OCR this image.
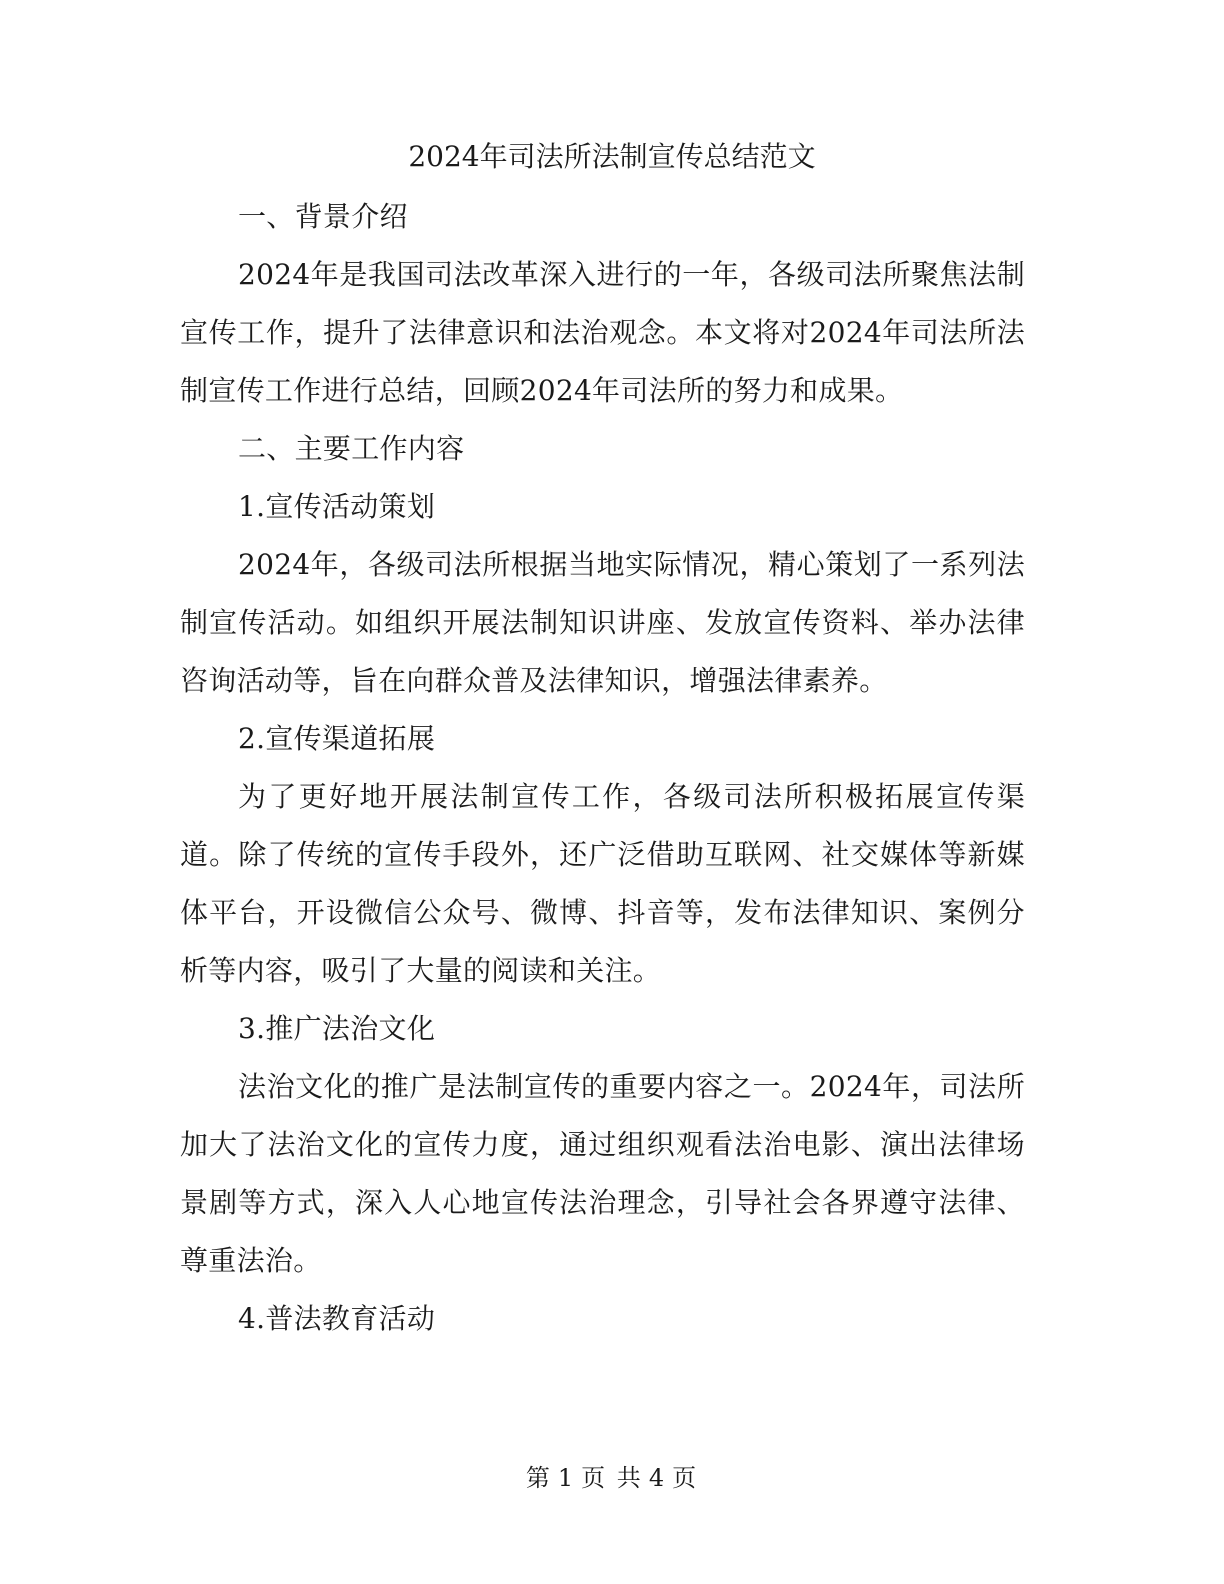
2024年司法所法制宣传总结范文

一、背景介绍

2024年是我国司法改革深入进行的一年，各级司法所聚焦法制宣传工作，提升了法律意识和法治观念。本文将对2024年司法所法制宣传工作进行总结，回顾2024年司法所的努力和成果。

二、主要工作内容

1.宣传活动策划

2024年，各级司法所根据当地实际情况，精心策划了一系列法制宣传活动。如组织开展法制知识讲座、发放宣传资料、举办法律咨询活动等，旨在向群众普及法律知识，增强法律素养。

2.宣传渠道拓展

为了更好地开展法制宣传工作，各级司法所积极拓展宣传渠道。除了传统的宣传手段外，还广泛借助互联网、社交媒体等新媒体平台，开设微信公众号、微博、抖音等，发布法律知识、案例分析等内容，吸引了大量的阅读和关注。

3.推广法治文化

法治文化的推广是法制宣传的重要内容之一。2024年，司法所加大了法治文化的宣传力度，通过组织观看法治电影、演出法律场景剧等方式，深入人心地宣传法治理念，引导社会各界遵守法律、尊重法治。

4.普法教育活动

第 1 页 共 4 页
